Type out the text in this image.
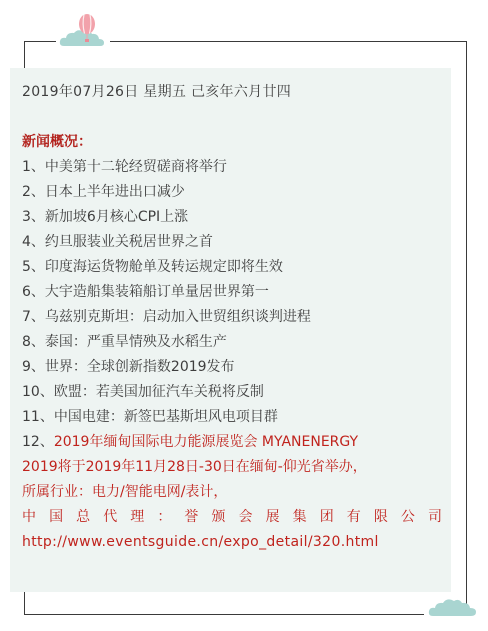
2019年07月26日 星期五 己亥年六月廿四
新闻概况：
1、中美第十二轮经贸磋商将举行
2、日本上半年进出口减少
3、新加坡6月核心CPI上涨
4、约旦服装业关税居世界之首
5、印度海运货物舱单及转运规定即将生效
6、大宇造船集装箱船订单量居世界第一
7、乌兹别克斯坦：启动加入世贸组织谈判进程
8、泰国：严重旱情殃及水稻生产
9、世界：全球创新指数2019发布
10、欧盟：若美国加征汽车关税将反制
11、中国电建：新签巴基斯坦风电项目群
12、2019年缅甸国际电力能源展览会 MYANENERGY
2019将于2019年11月28日-30日在缅甸-仰光省举办，
所属行业：电力/智能电网/表计，
中国总代理：誉颁会展集团有限公司
http://www.eventsguide.cn/expo_detail/320.html
